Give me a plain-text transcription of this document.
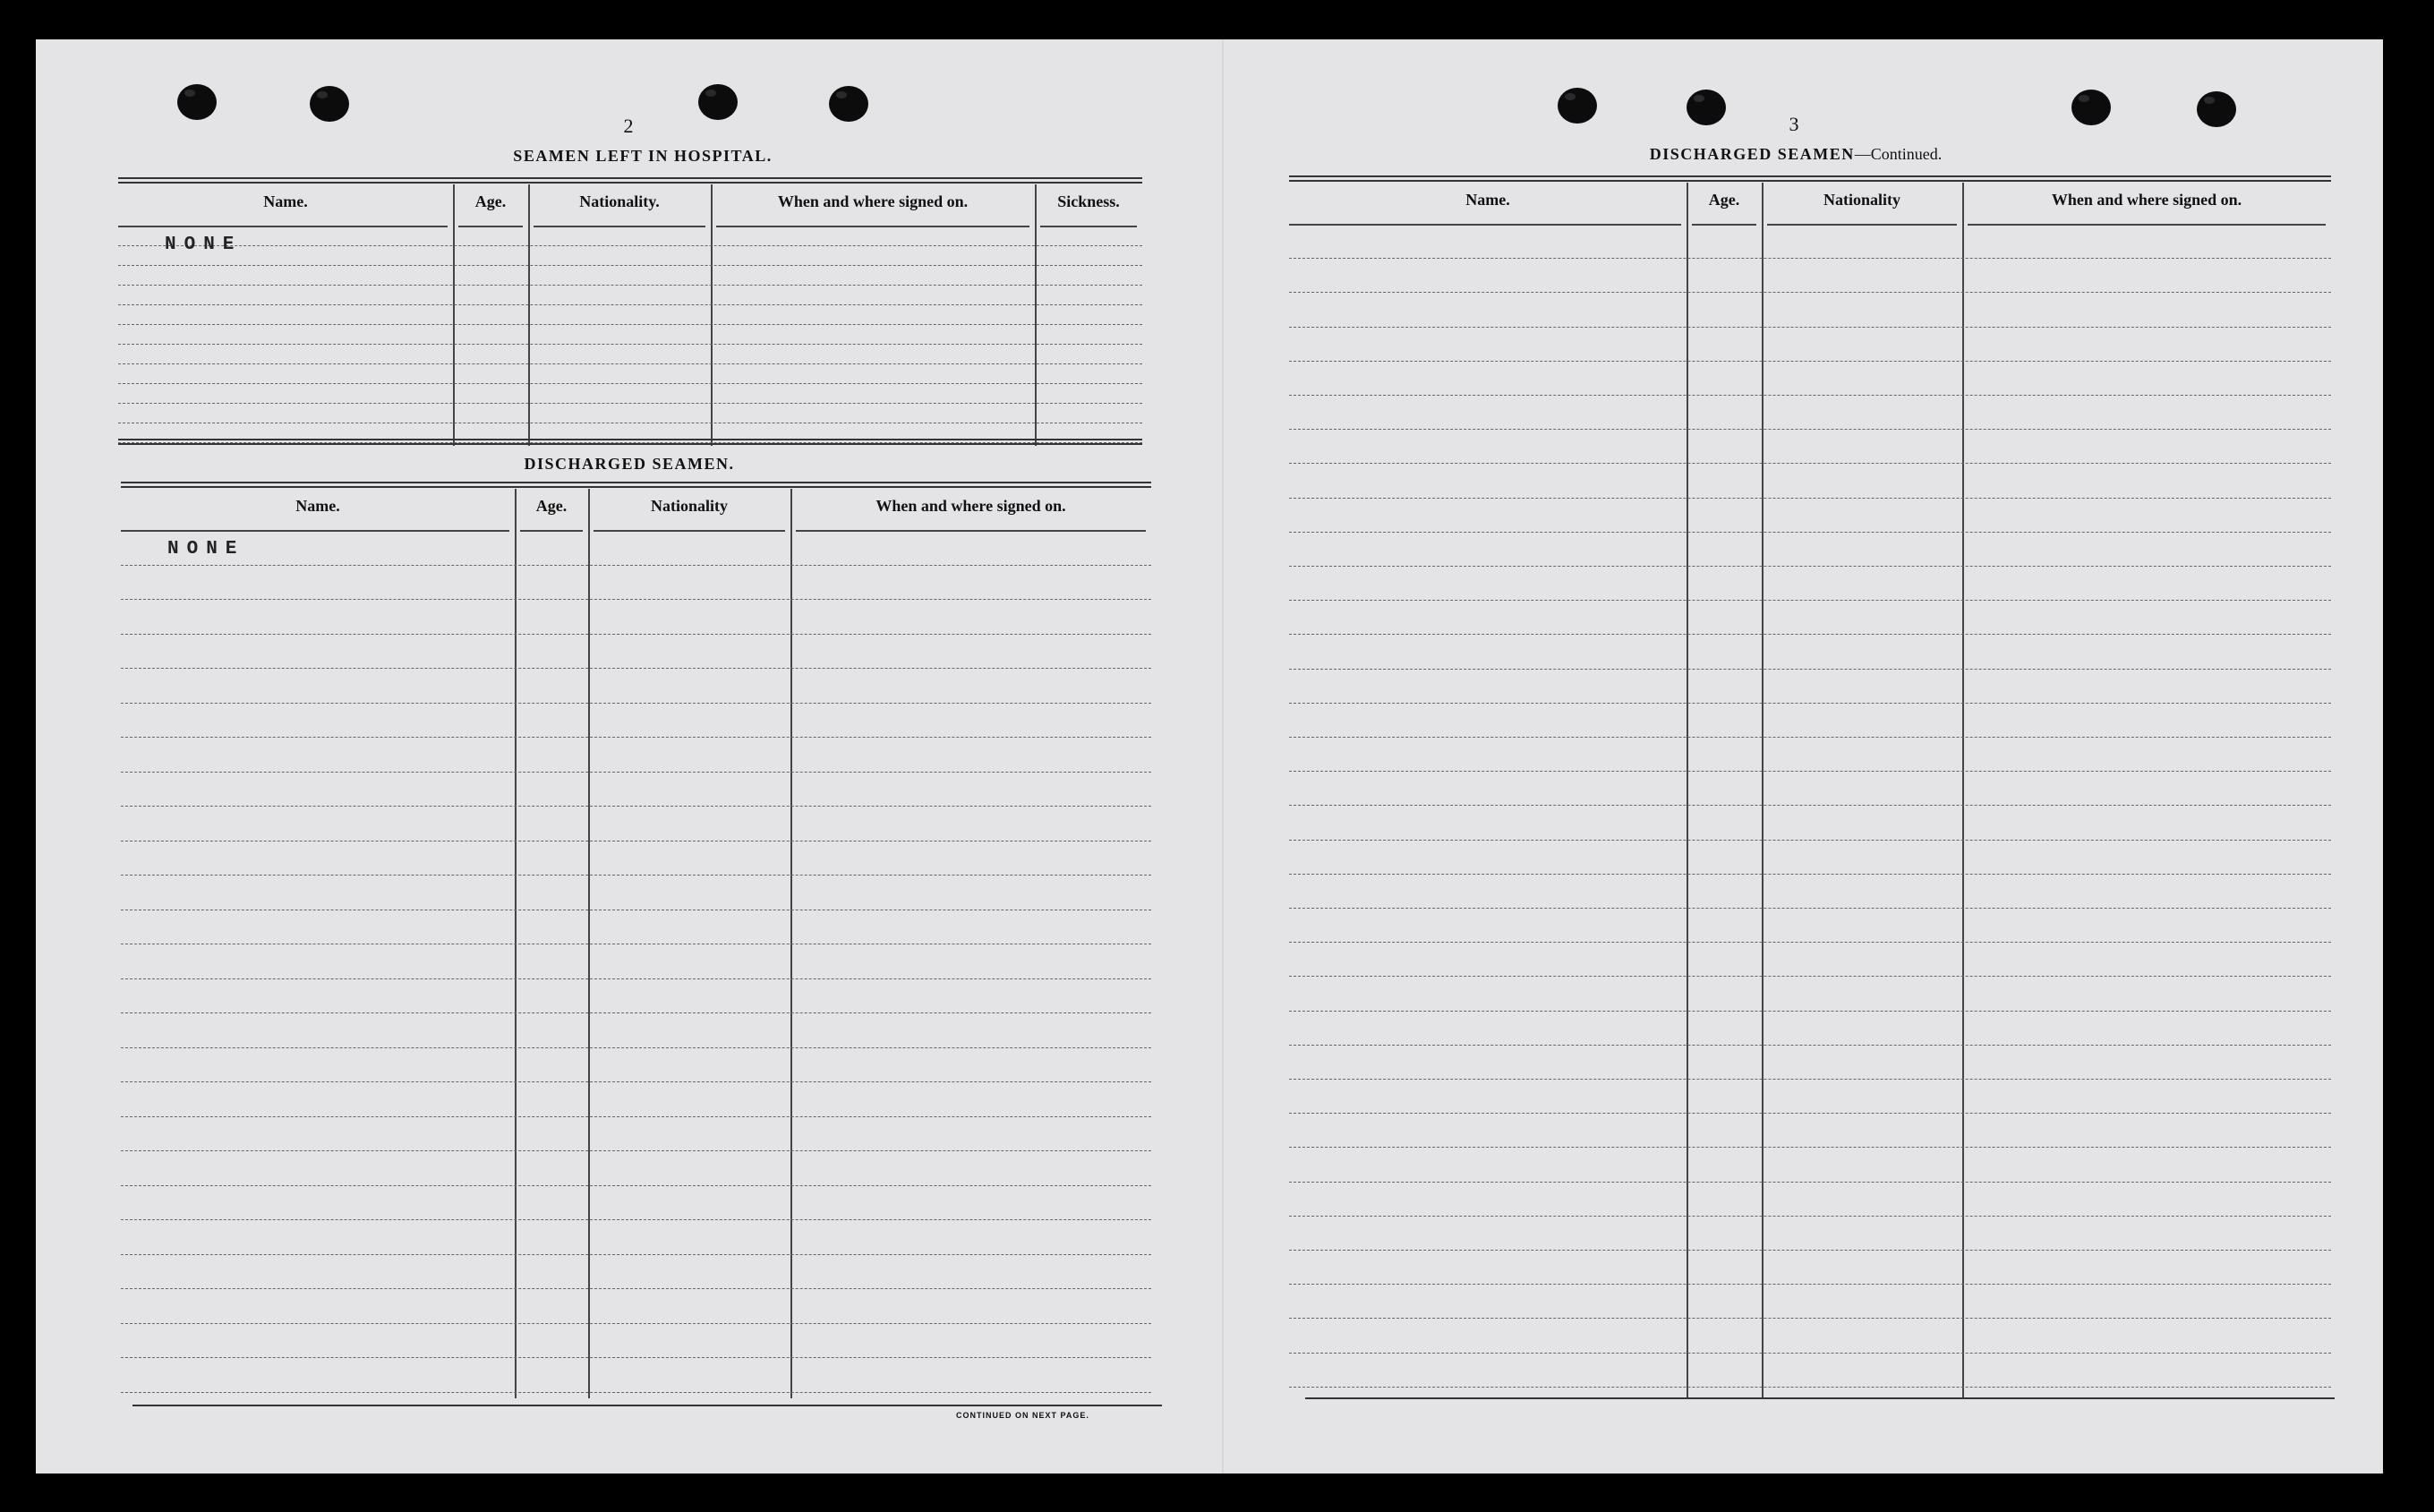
2
SEAMEN LEFT IN HOSPITAL.
Name.	Age.	Nationality.	When and where signed on.	Sickness.
NONE
DISCHARGED SEAMEN.
Name.	Age.	Nationality	When and where signed on.
NONE
CONTINUED ON NEXT PAGE.
3
DISCHARGED SEAMEN—Continued.
Name.	Age.	Nationality	When and where signed on.
